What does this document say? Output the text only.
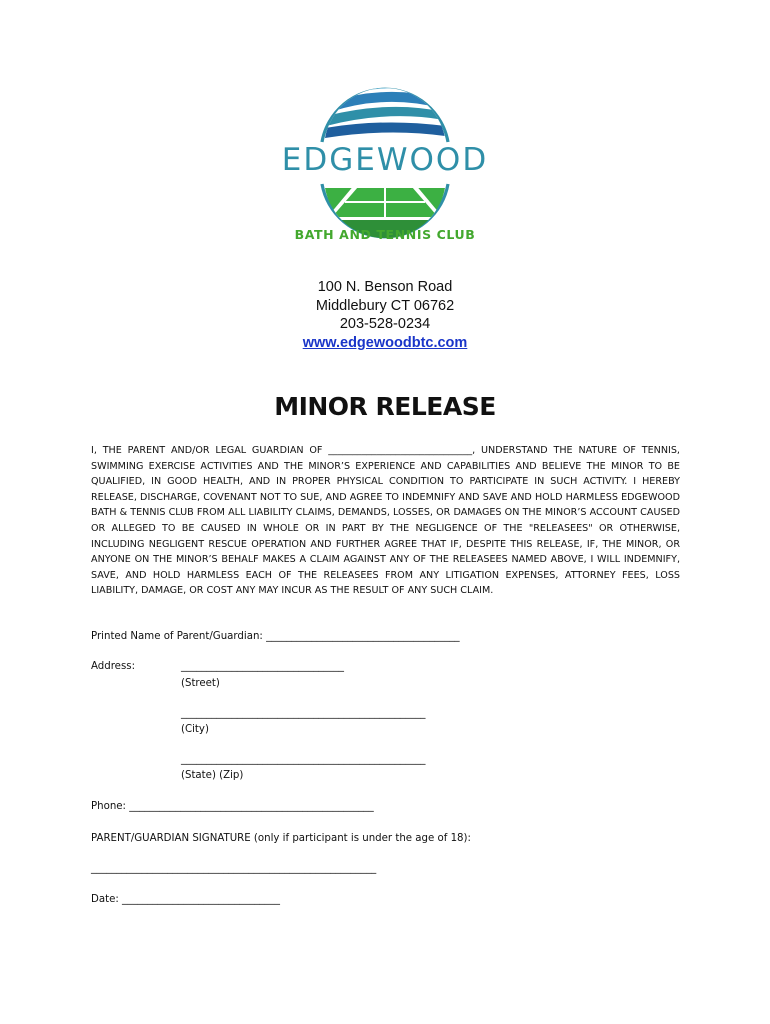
EDGEWOOD
BATH AND TENNIS CLUB
100 N. Benson Road
Middlebury CT 06762
203-528-0234
www.edgewoodbtc.com
MINOR RELEASE
I, THE PARENT AND/OR LEGAL GUARDIAN OF ______________________________, UNDERSTAND THE NATURE OF TENNIS, SWIMMING EXERCISE ACTIVITIES AND THE MINOR’S EXPERIENCE AND CAPABILITIES AND BELIEVE THE MINOR TO BE QUALIFIED, IN GOOD HEALTH, AND IN PROPER PHYSICAL CONDITION TO PARTICIPATE IN SUCH ACTIVITY. I HEREBY RELEASE, DISCHARGE, COVENANT NOT TO SUE, AND AGREE TO INDEMNIFY AND SAVE AND HOLD HARMLESS EDGEWOOD BATH & TENNIS CLUB FROM ALL LIABILITY CLAIMS, DEMANDS, LOSSES, OR DAMAGES ON THE MINOR’S ACCOUNT CAUSED OR ALLEGED TO BE CAUSED IN WHOLE OR IN PART BY THE NEGLIGENCE OF THE "RELEASEES" OR OTHERWISE, INCLUDING NEGLIGENT RESCUE OPERATION AND FURTHER AGREE THAT IF, DESPITE THIS RELEASE, IF, THE MINOR, OR ANYONE ON THE MINOR’S BEHALF MAKES A CLAIM AGAINST ANY OF THE RELEASEES NAMED ABOVE, I WILL INDEMNIFY, SAVE, AND HOLD HARMLESS EACH OF THE RELEASEES FROM ANY LITIGATION EXPENSES, ATTORNEY FEES, LOSS LIABILITY, DAMAGE, OR COST ANY MAY INCUR AS THE RESULT OF ANY SUCH CLAIM.
Printed Name of Parent/Guardian: ______________________________________
Address:	________________________________
(Street)
________________________________________________
(City)
________________________________________________
(State) (Zip)
Phone: ________________________________________________
PARENT/GUARDIAN SIGNATURE (only if participant is under the age of 18):
________________________________________________________
Date: _______________________________
